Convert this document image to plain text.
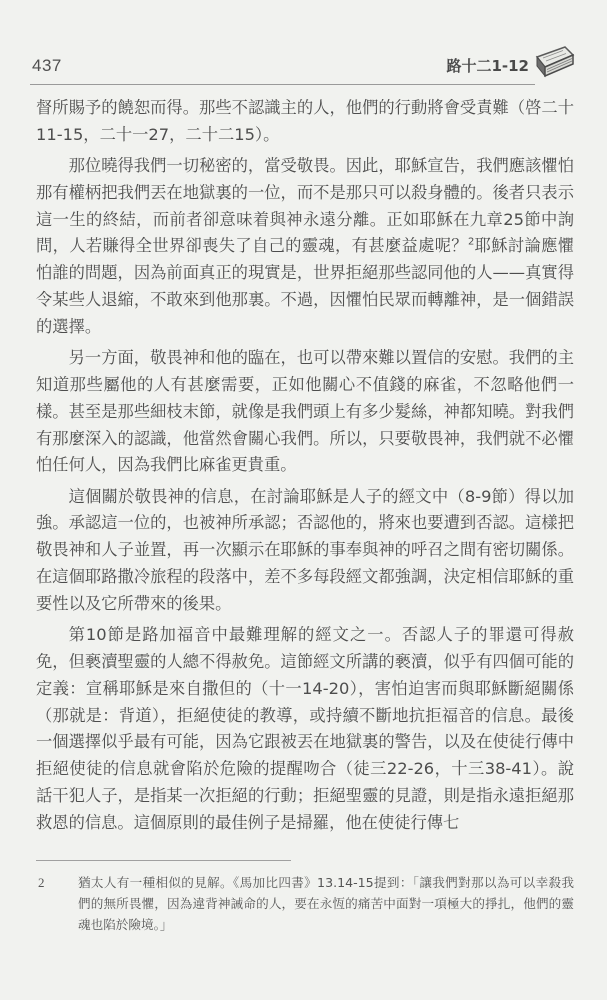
437	路十二1-12

督所賜予的饒恕而得。那些不認識主的人，他們的行動將會受責難（啓二十11-15，二十一27，二十二15）。

那位曉得我們一切秘密的，當受敬畏。因此，耶穌宣告，我們應該懼怕那有權柄把我們丟在地獄裏的一位，而不是那只可以殺身體的。後者只表示這一生的終結，而前者卻意味着與神永遠分離。正如耶穌在九章25節中詢問，人若賺得全世界卻喪失了自己的靈魂，有甚麼益處呢？$^2$耶穌討論應懼怕誰的問題，因為前面真正的現實是，世界拒絕那些認同他的人——真實得令某些人退縮，不敢來到他那裏。不過，因懼怕民眾而轉離神，是一個錯誤的選擇。

另一方面，敬畏神和他的臨在，也可以帶來難以置信的安慰。我們的主知道那些屬他的人有甚麼需要，正如他關心不值錢的麻雀，不忽略他們一樣。甚至是那些細枝末節，就像是我們頭上有多少髮絲，神都知曉。對我們有那麼深入的認識，他當然會關心我們。所以，只要敬畏神，我們就不必懼怕任何人，因為我們比麻雀更貴重。

這個關於敬畏神的信息，在討論耶穌是人子的經文中（8-9節）得以加強。承認這一位的，也被神所承認；否認他的，將來也要遭到否認。這樣把敬畏神和人子並置，再一次顯示在耶穌的事奉與神的呼召之間有密切關係。在這個耶路撒冷旅程的段落中，差不多每段經文都強調，決定相信耶穌的重要性以及它所帶來的後果。

第10節是路加福音中最難理解的經文之一。否認人子的罪還可得赦免，但褻瀆聖靈的人總不得赦免。這節經文所講的褻瀆，似乎有四個可能的定義：宣稱耶穌是來自撒但的（十一14-20），害怕迫害而與耶穌斷絕關係（那就是：背道），拒絕使徒的教導，或持續不斷地抗拒福音的信息。最後一個選擇似乎最有可能，因為它跟被丟在地獄裏的警告，以及在使徒行傳中拒絕使徒的信息就會陷於危險的提醒吻合（徒三22-26，十三38-41）。說話干犯人子，是指某一次拒絕的行動；拒絕聖靈的見證，則是指永遠拒絕那救恩的信息。這個原則的最佳例子是掃羅，他在使徒行傳七

2	猶太人有一種相似的見解。《馬加比四書》13.14-15提到：「讓我們對那以為可以幸殺我們的無所畏懼，因為違背神誡命的人，要在永恆的痛苦中面對一項極大的掙扎，他們的靈魂也陷於險境。」
